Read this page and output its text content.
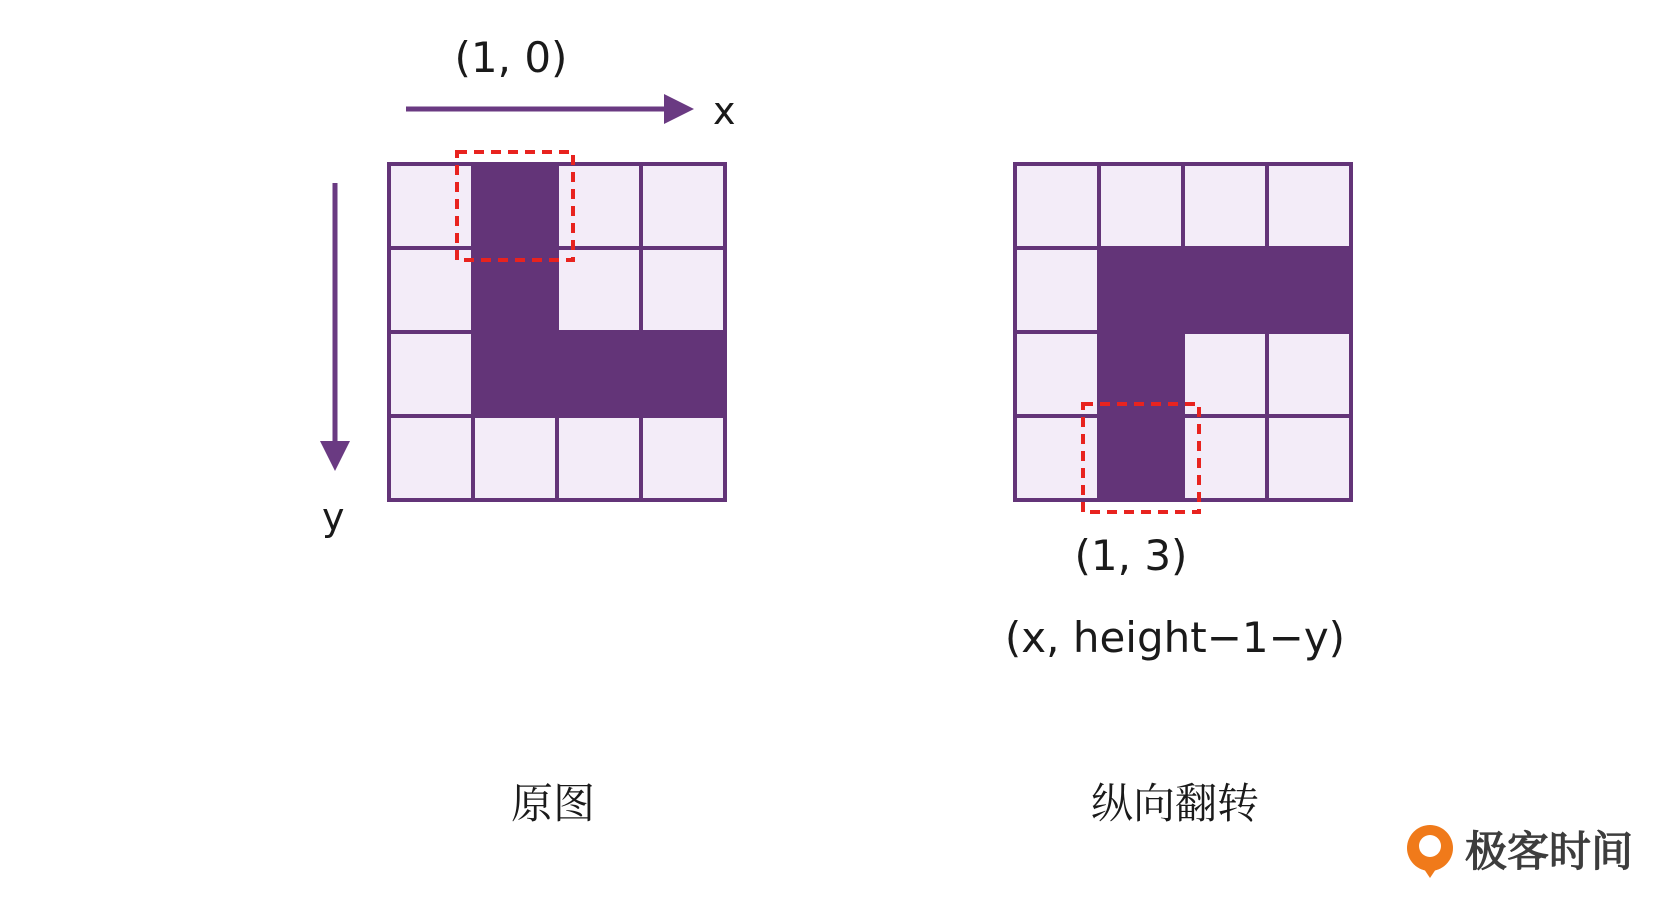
x
y
(1, 0)
(1, 3)
(x, height−1−y)
原图	纵向翻转
极客时间
